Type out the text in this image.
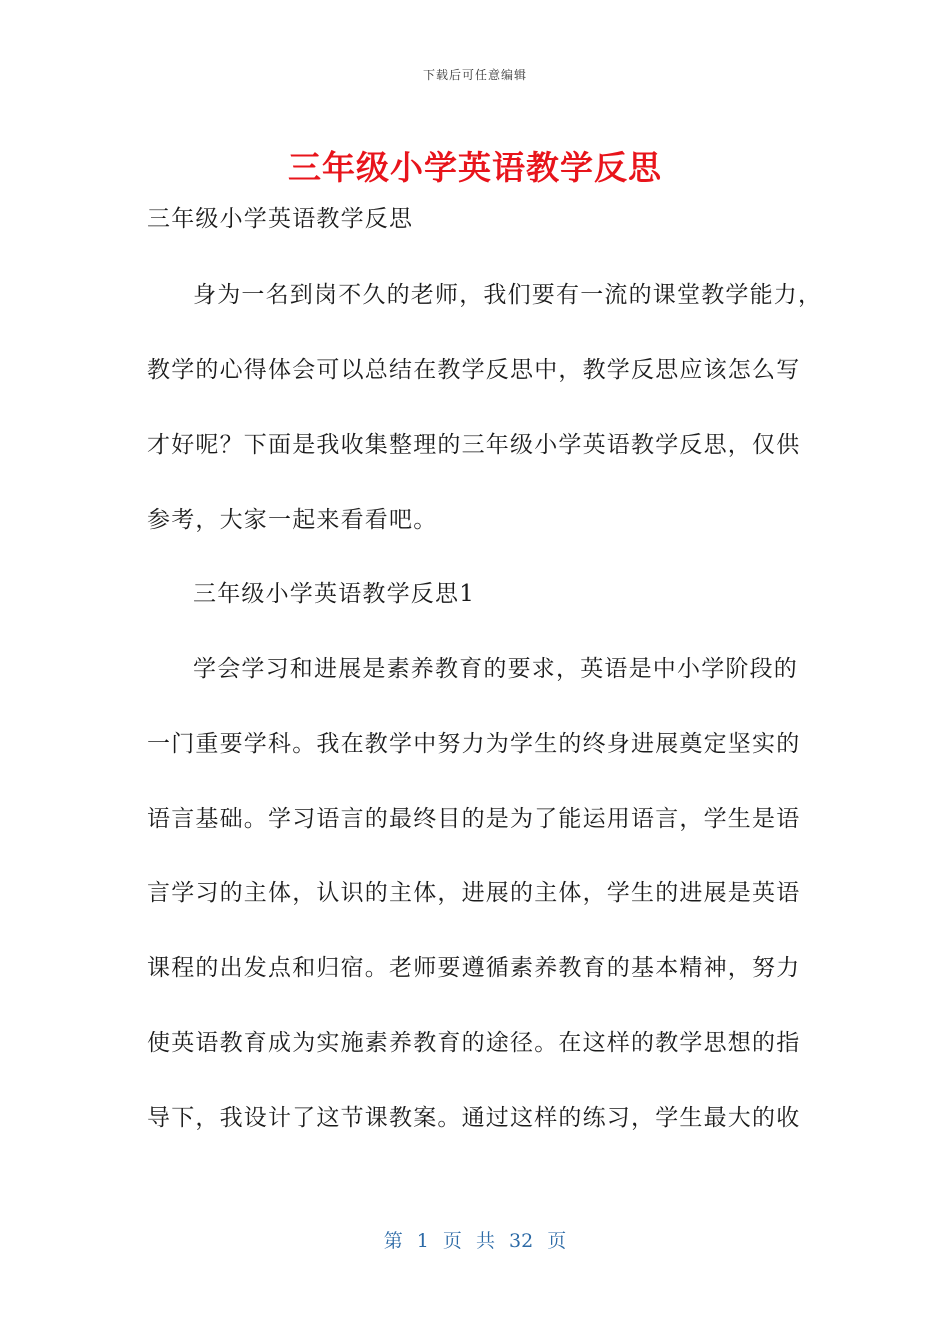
下载后可任意编辑
三年级小学英语教学反思
三年级小学英语教学反思
身为一名到岗不久的老师，我们要有一流的课堂教学能力，
教学的心得体会可以总结在教学反思中，教学反思应该怎么写
才好呢？下面是我收集整理的三年级小学英语教学反思，仅供
参考，大家一起来看看吧。
三年级小学英语教学反思1
学会学习和进展是素养教育的要求，英语是中小学阶段的
一门重要学科。我在教学中努力为学生的终身进展奠定坚实的
语言基础。学习语言的最终目的是为了能运用语言，学生是语
言学习的主体，认识的主体，进展的主体，学生的进展是英语
课程的出发点和归宿。老师要遵循素养教育的基本精神，努力
使英语教育成为实施素养教育的途径。在这样的教学思想的指
导下，我设计了这节课教案。通过这样的练习，学生最大的收
第 1 页 共 32 页
